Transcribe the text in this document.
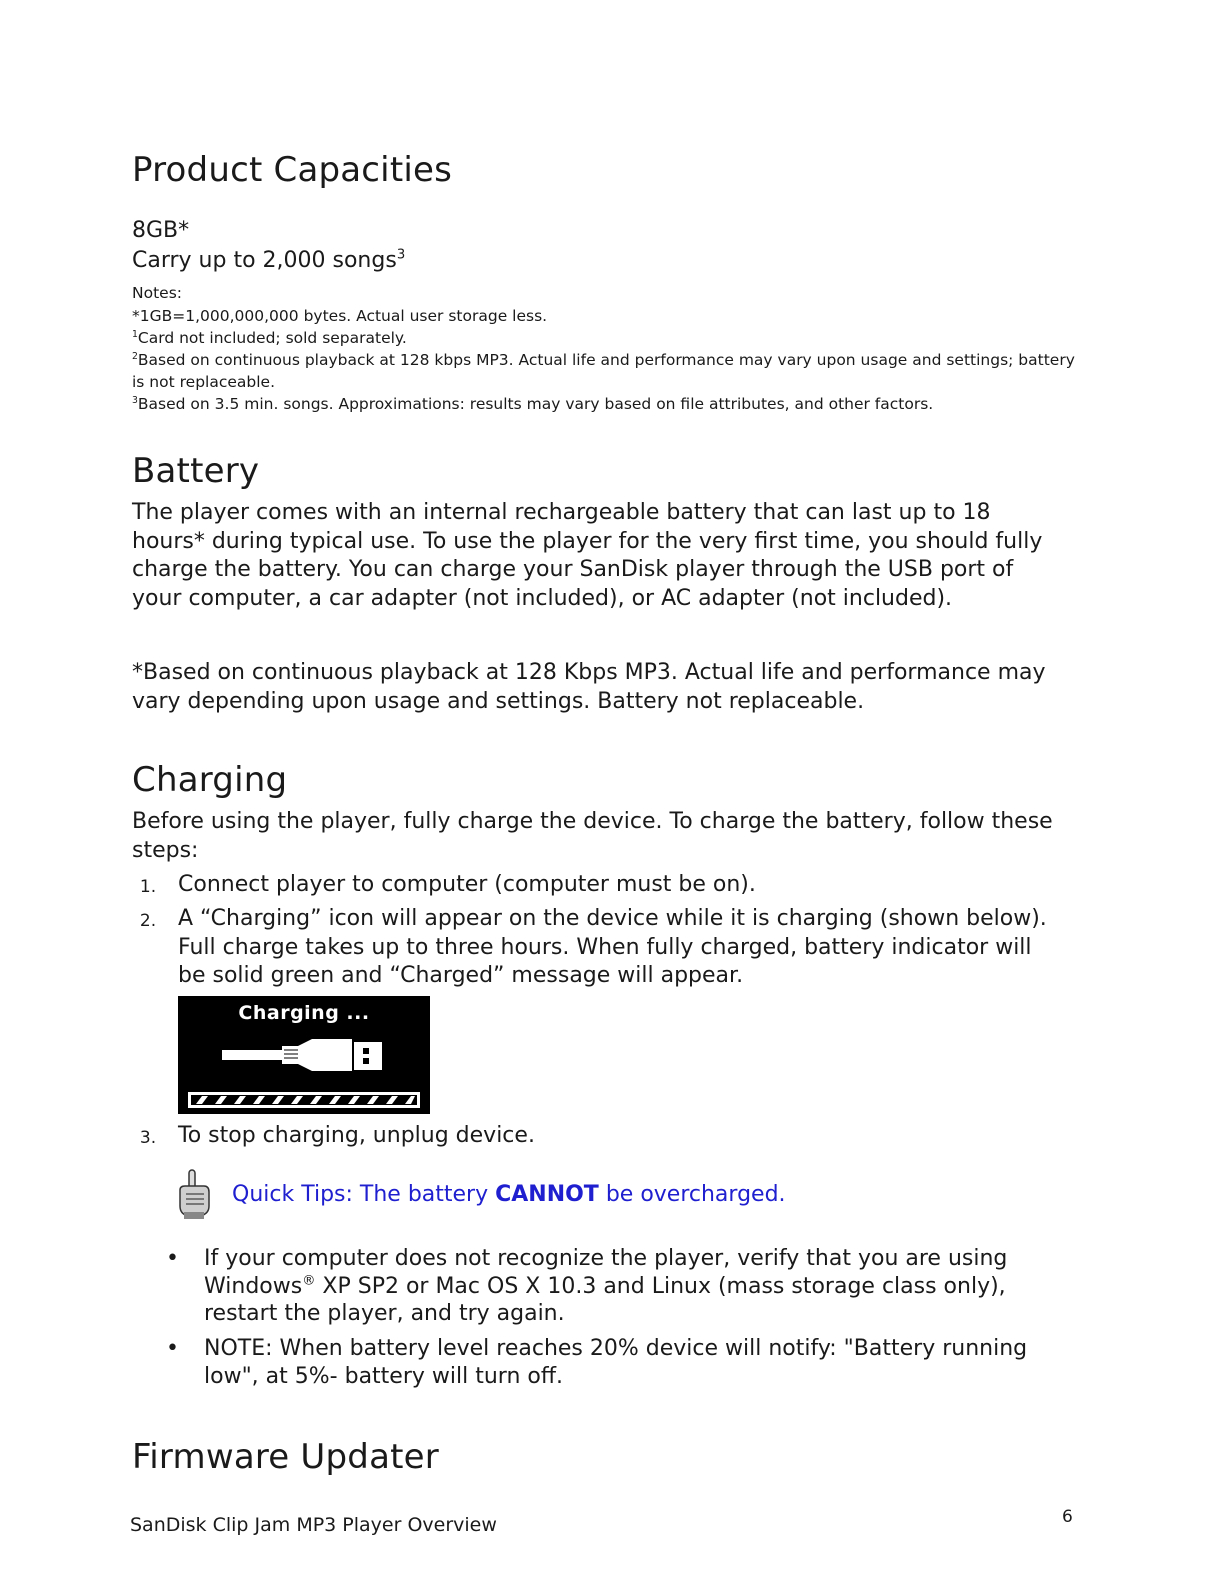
Product Capacities

8GB*

Carry up to 2,000 songs$^3$

Notes:

*1GB=1,000,000,000 bytes. Actual user storage less.

$^1$Card not included; sold separately.

$^2$Based on continuous playback at 128 kbps MP3. Actual life and performance may vary upon usage and settings; battery is not replaceable.

$^3$Based on 3.5 min. songs. Approximations: results may vary based on file attributes, and other factors.

Battery

The player comes with an internal rechargeable battery that can last up to 18 hours* during typical use. To use the player for the very first time, you should fully charge the battery. You can charge your SanDisk player through the USB port of your computer, a car adapter (not included), or AC adapter (not included).

*Based on continuous playback at 128 Kbps MP3. Actual life and performance may vary depending upon usage and settings. Battery not replaceable.

Charging

Before using the player, fully charge the device. To charge the battery, follow these steps:

1. Connect player to computer (computer must be on).
2. A “Charging” icon will appear on the device while it is charging (shown below). Full charge takes up to three hours. When fully charged, battery indicator will be solid green and “Charged” message will appear.
Charging ...
3. To stop charging, unplug device.
Quick Tips: The battery CANNOT be overcharged.
• If your computer does not recognize the player, verify that you are using Windows® XP SP2 or Mac OS X 10.3 and Linux (mass storage class only), restart the player, and try again.
• NOTE: When battery level reaches 20% device will notify: "Battery running low", at 5%- battery will turn off.
Firmware Updater
SanDisk Clip Jam MP3 Player Overview	6
